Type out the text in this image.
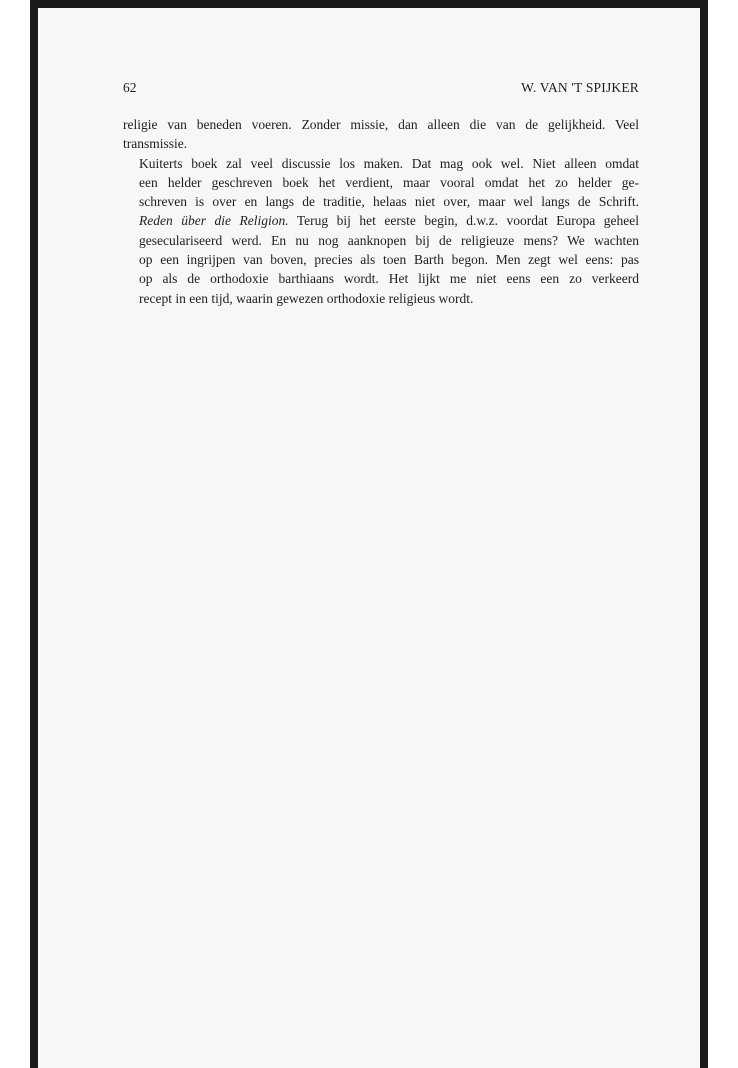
62	W. VAN 'T SPIJKER

religie van beneden voeren. Zonder missie, dan alleen die van de gelijkheid. Veel
transmissie.

Kuiterts boek zal veel discussie los maken. Dat mag ook wel. Niet alleen omdat
een helder geschreven boek het verdient, maar vooral omdat het zo helder ge-
schreven is over en langs de traditie, helaas niet over, maar wel langs de Schrift.
Reden über die Religion. Terug bij het eerste begin, d.w.z. voordat Europa geheel
geseculariseerd werd. En nu nog aanknopen bij de religieuze mens? We wachten
op een ingrijpen van boven, precies als toen Barth begon. Men zegt wel eens: pas
op als de orthodoxie barthiaans wordt. Het lijkt me niet eens een zo verkeerd
recept in een tijd, waarin gewezen orthodoxie religieus wordt.
